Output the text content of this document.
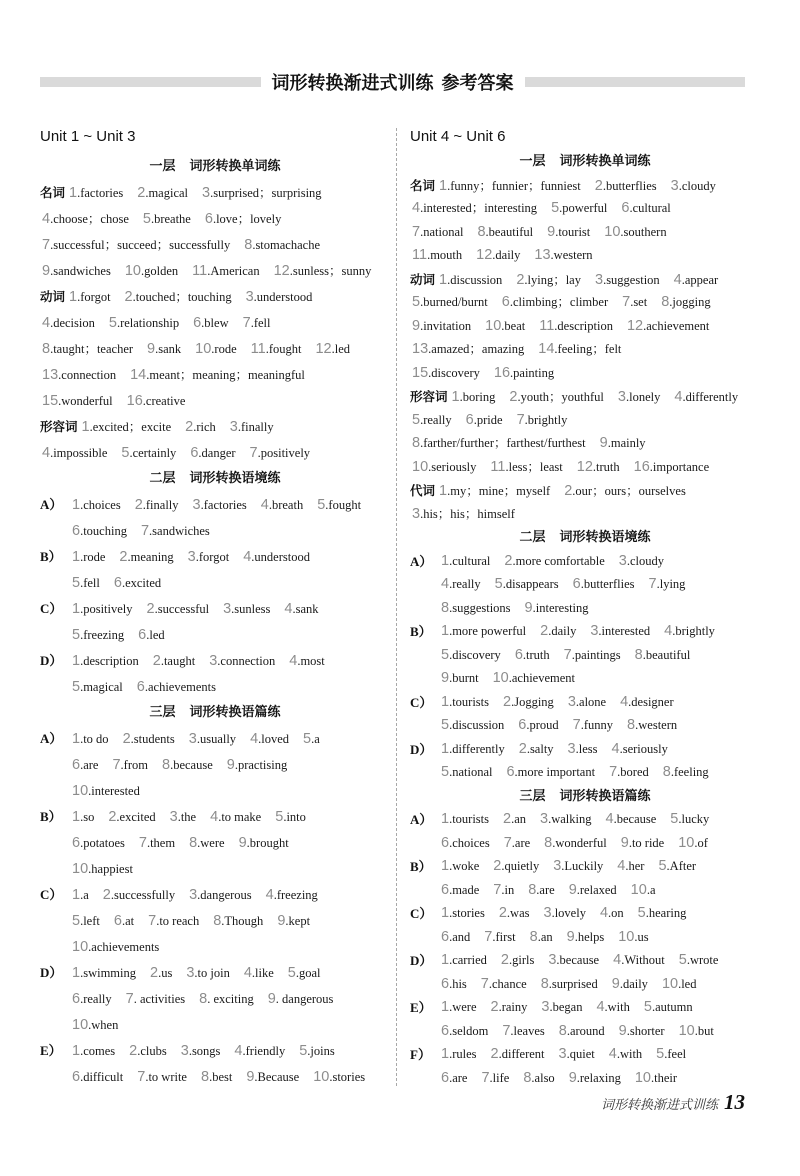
词形转换渐进式训练 参考答案
Unit 1 ~ Unit 3
一层 词形转换单词练
名词 1.factories 2.magical 3.surprised；surprising
4.choose；chose 5.breathe 6.love；lovely
7.successful；succeed；successfully 8.stomachache
9.sandwiches 10.golden 11.American 12.sunless；sunny
动词 1.forgot 2.touched；touching 3.understood
4.decision 5.relationship 6.blew 7.fell
8.taught；teacher 9.sank 10.rode 11.fought 12.led
13.connection 14.meant；meaning；meaningful
15.wonderful 16.creative
形容词 1.excited；excite 2.rich 3.finally
4.impossible 5.certainly 6.danger 7.positively
二层 词形转换语境练
A） 1.choices 2.finally 3.factories 4.breath 5.fought
6.touching 7.sandwiches
B） 1.rode 2.meaning 3.forgot 4.understood
5.fell 6.excited
C） 1.positively 2.successful 3.sunless 4.sank
5.freezing 6.led
D） 1.description 2.taught 3.connection 4.most
5.magical 6.achievements
三层 词形转换语篇练
A） 1.to do 2.students 3.usually 4.loved 5.a
6.are 7.from 8.because 9.practising
10.interested
B） 1.so 2.excited 3.the 4.to make 5.into
6.potatoes 7.them 8.were 9.brought
10.happiest
C） 1.a 2.successfully 3.dangerous 4.freezing
5.left 6.at 7.to reach 8.Though 9.kept
10.achievements
D） 1.swimming 2.us 3.to join 4.like 5.goal
6.really 7. activities 8. exciting 9. dangerous
10.when
E） 1.comes 2.clubs 3.songs 4.friendly 5.joins
6.difficult 7.to write 8.best 9.Because 10.stories
Unit 4 ~ Unit 6
一层 词形转换单词练
名词 1.funny；funnier；funniest 2.butterflies 3.cloudy
4.interested；interesting 5.powerful 6.cultural
7.national 8.beautiful 9.tourist 10.southern
11.mouth 12.daily 13.western
动词 1.discussion 2.lying；lay 3.suggestion 4.appear
5.burned/burnt 6.climbing；climber 7.set 8.jogging
9.invitation 10.beat 11.description 12.achievement
13.amazed；amazing 14.feeling；felt
15.discovery 16.painting
形容词 1.boring 2.youth；youthful 3.lonely 4.differently
5.really 6.pride 7.brightly
8.farther/further；farthest/furthest 9.mainly
10.seriously 11.less；least 12.truth 16.importance
代词 1.my；mine；myself 2.our；ours；ourselves
3.his；his；himself
二层 词形转换语境练
A） 1.cultural 2.more comfortable 3.cloudy
4.really 5.disappears 6.butterflies 7.lying
8.suggestions 9.interesting
B） 1.more powerful 2.daily 3.interested 4.brightly
5.discovery 6.truth 7.paintings 8.beautiful
9.burnt 10.achievement
C） 1.tourists 2.Jogging 3.alone 4.designer
5.discussion 6.proud 7.funny 8.western
D） 1.differently 2.salty 3.less 4.seriously
5.national 6.more important 7.bored 8.feeling
三层 词形转换语篇练
A） 1.tourists 2.an 3.walking 4.because 5.lucky
6.choices 7.are 8.wonderful 9.to ride 10.of
B） 1.woke 2.quietly 3.Luckily 4.her 5.After
6.made 7.in 8.are 9.relaxed 10.a
C） 1.stories 2.was 3.lovely 4.on 5.hearing
6.and 7.first 8.an 9.helps 10.us
D） 1.carried 2.girls 3.because 4.Without 5.wrote
6.his 7.chance 8.surprised 9.daily 10.led
E） 1.were 2.rainy 3.began 4.with 5.autumn
6.seldom 7.leaves 8.around 9.shorter 10.but
F） 1.rules 2.different 3.quiet 4.with 5.feel
6.are 7.life 8.also 9.relaxing 10.their
词形转换渐进式训练 13
